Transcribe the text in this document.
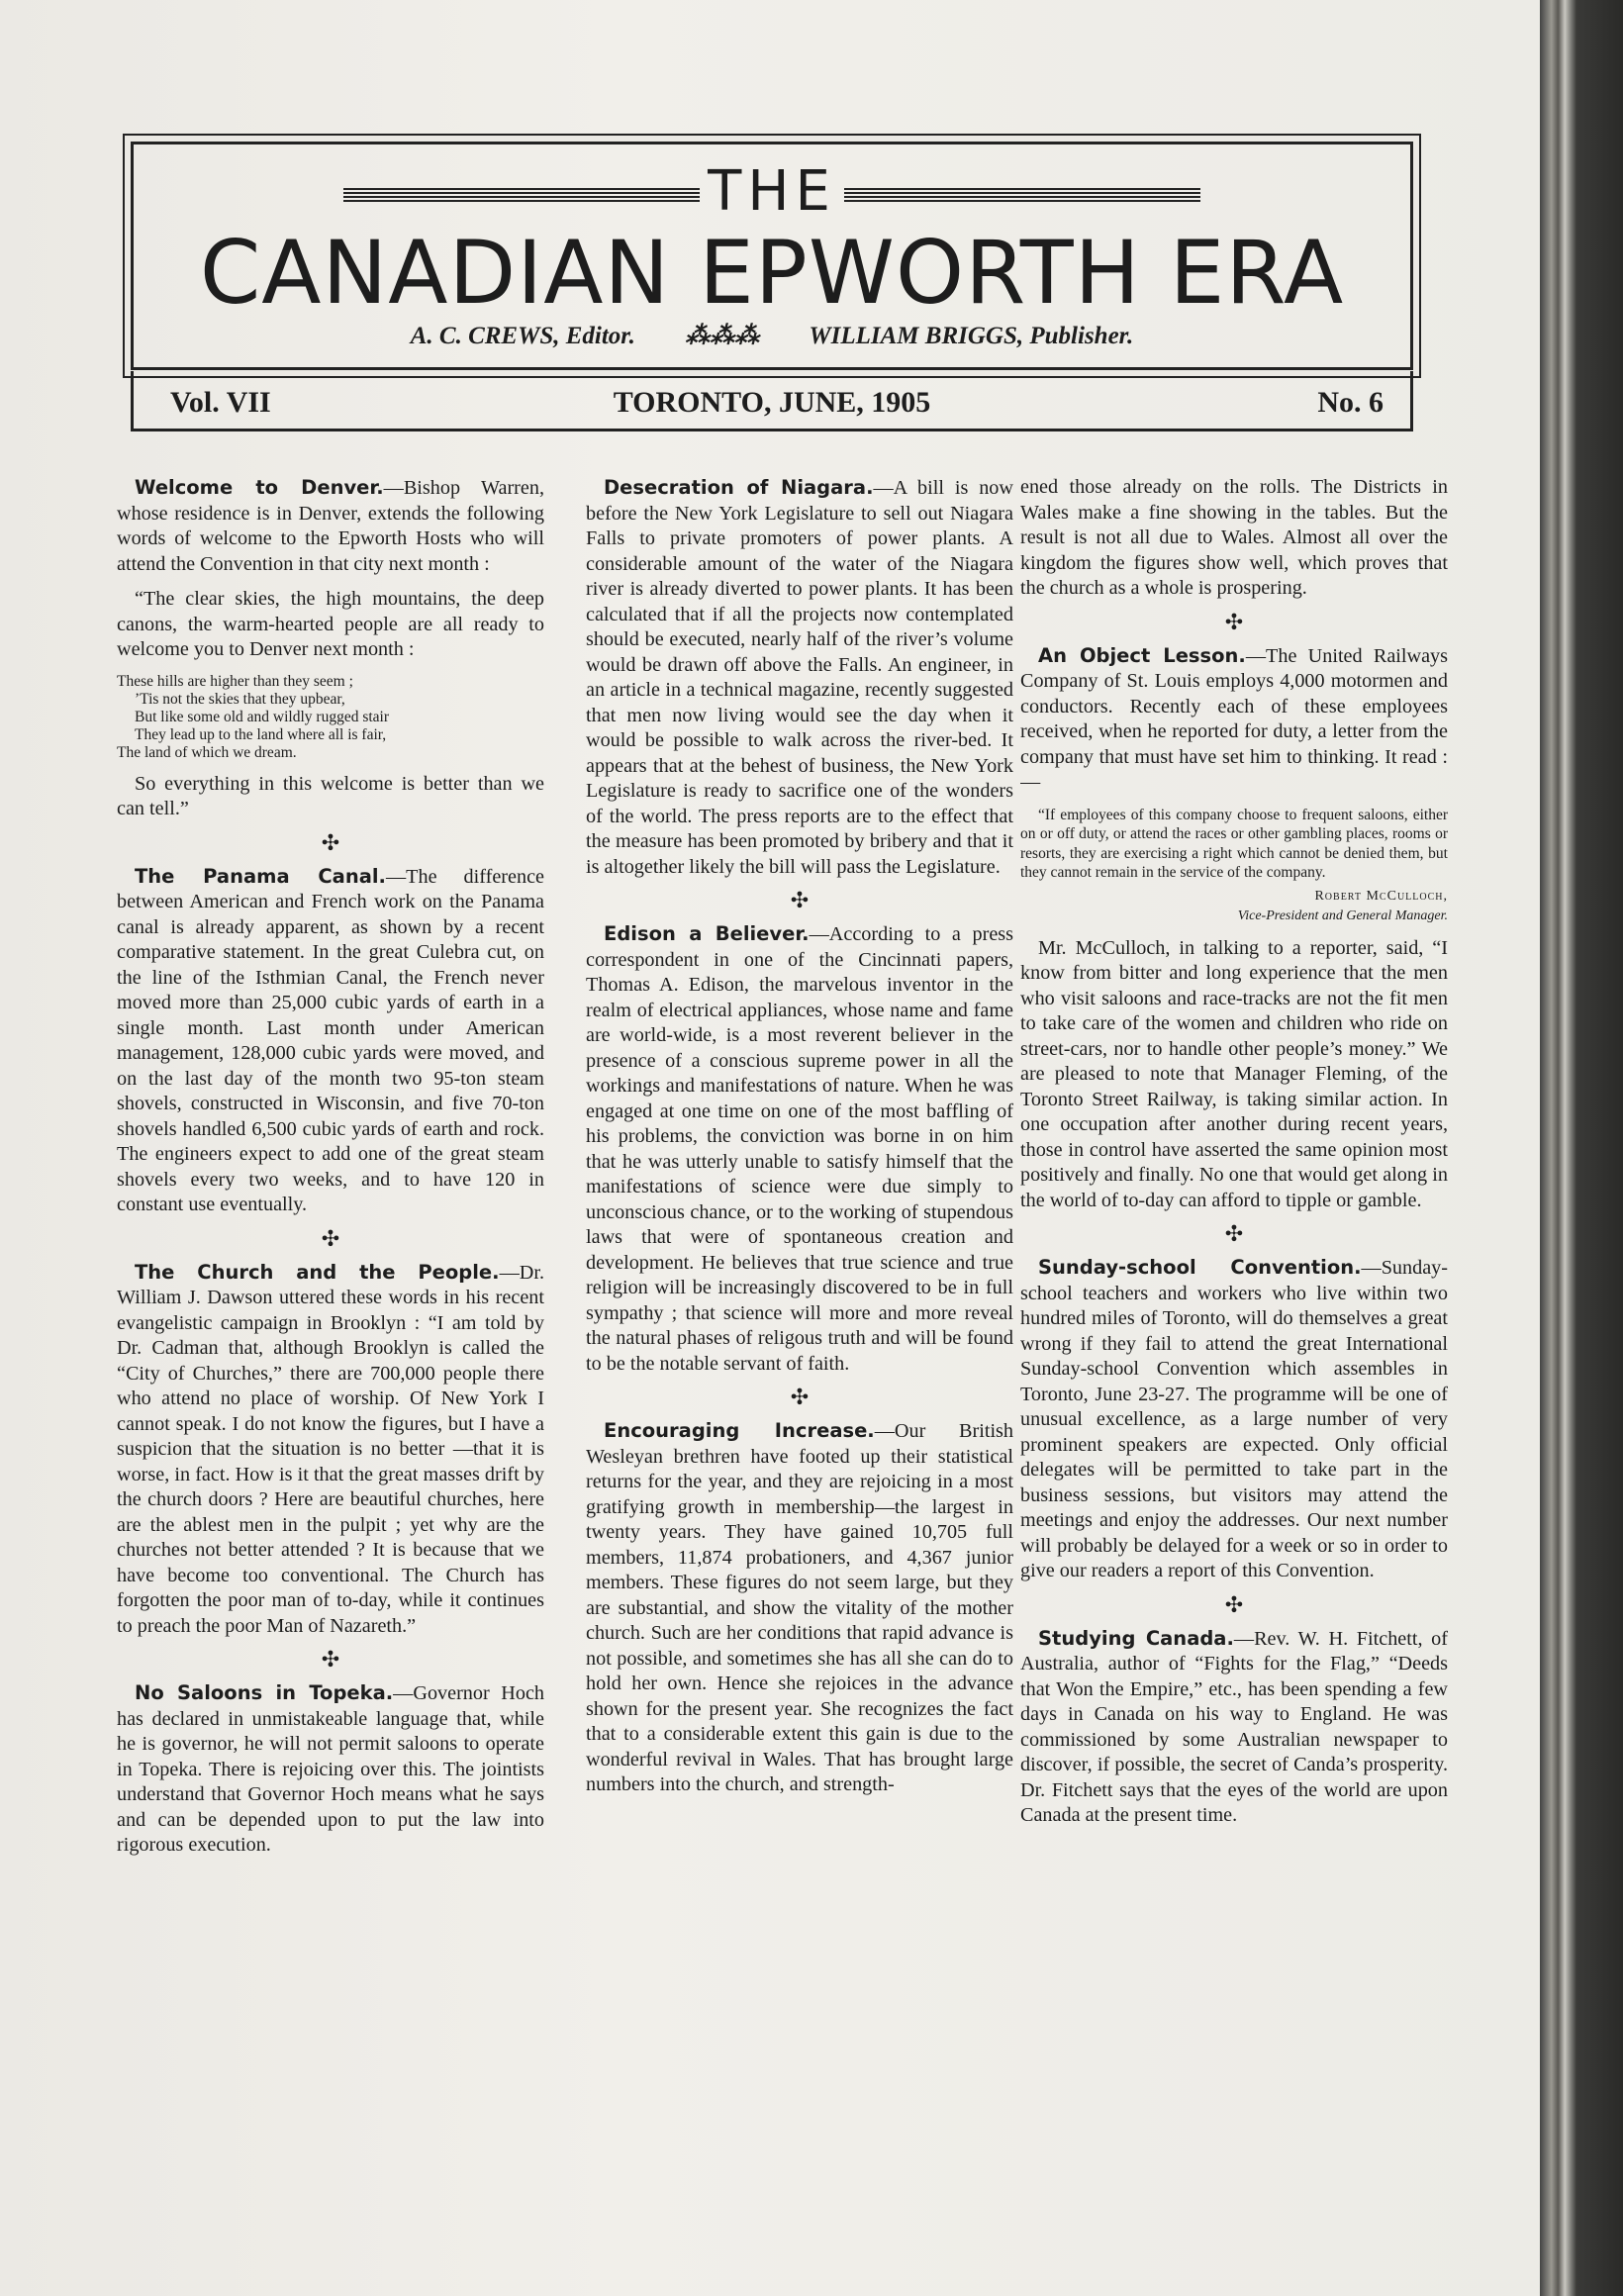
THE
CANADIAN EPWORTH ERA
A. C. CREWS, Editor. ⁂⁂⁂ WILLIAM BRIGGS, Publisher.
Vol. VII	TORONTO, JUNE, 1905	No. 6

Welcome to Denver.—Bishop Warren, whose residence is in Denver, extends the following words of welcome to the Epworth Hosts who will attend the Convention in that city next month :

“The clear skies, the high mountains, the deep canons, the warm-hearted people are all ready to welcome you to Denver next month :

These hills are higher than they seem ;
’Tis not the skies that they upbear,
But like some old and wildly rugged stair
They lead up to the land where all is fair,
The land of which we dream.

So everything in this welcome is better than we can tell.”

✣

The Panama Canal.—The difference between American and French work on the Panama canal is already apparent, as shown by a recent comparative statement. In the great Culebra cut, on the line of the Isthmian Canal, the French never moved more than 25,000 cubic yards of earth in a single month. Last month under American management, 128,000 cubic yards were moved, and on the last day of the month two 95-ton steam shovels, constructed in Wisconsin, and five 70-ton shovels handled 6,500 cubic yards of earth and rock. The engineers expect to add one of the great steam shovels every two weeks, and to have 120 in constant use eventually.

✣

The Church and the People.—Dr. William J. Dawson uttered these words in his recent evangelistic campaign in Brooklyn : “I am told by Dr. Cadman that, although Brooklyn is called the “City of Churches,” there are 700,000 people there who attend no place of worship. Of New York I cannot speak. I do not know the figures, but I have a suspicion that the situation is no better —that it is worse, in fact. How is it that the great masses drift by the church doors ? Here are beautiful churches, here are the ablest men in the pulpit ; yet why are the churches not better attended ? It is because that we have become too conventional. The Church has forgotten the poor man of to-day, while it continues to preach the poor Man of Nazareth.”

✣

No Saloons in Topeka.—Governor Hoch has declared in unmistakeable language that, while he is governor, he will not permit saloons to operate in Topeka. There is rejoicing over this. The jointists understand that Governor Hoch means what he says and can be depended upon to put the law into rigorous execution.

Desecration of Niagara.—A bill is now before the New York Legislature to sell out Niagara Falls to private promoters of power plants. A considerable amount of the water of the Niagara river is already diverted to power plants. It has been calculated that if all the projects now contemplated should be executed, nearly half of the river’s volume would be drawn off above the Falls. An engineer, in an article in a technical magazine, recently suggested that men now living would see the day when it would be possible to walk across the river-bed. It appears that at the behest of business, the New York Legislature is ready to sacrifice one of the wonders of the world. The press reports are to the effect that the measure has been promoted by bribery and that it is altogether likely the bill will pass the Legislature.

✣

Edison a Believer.—According to a press correspondent in one of the Cincinnati papers, Thomas A. Edison, the marvelous inventor in the realm of electrical appliances, whose name and fame are world-wide, is a most reverent believer in the presence of a conscious supreme power in all the workings and manifestations of nature. When he was engaged at one time on one of the most baffling of his problems, the conviction was borne in on him that he was utterly unable to satisfy himself that the manifestations of science were due simply to unconscious chance, or to the working of stupendous laws that were of spontaneous creation and development. He believes that true science and true religion will be increasingly discovered to be in full sympathy ; that science will more and more reveal the natural phases of religous truth and will be found to be the notable servant of faith.

✣

Encouraging Increase.—Our British Wesleyan brethren have footed up their statistical returns for the year, and they are rejoicing in a most gratifying growth in membership—the largest in twenty years. They have gained 10,705 full members, 11,874 probationers, and 4,367 junior members. These figures do not seem large, but they are substantial, and show the vitality of the mother church. Such are her conditions that rapid advance is not possible, and sometimes she has all she can do to hold her own. Hence she rejoices in the advance shown for the present year. She recognizes the fact that to a considerable extent this gain is due to the wonderful revival in Wales. That has brought large numbers into the church, and strength-

ened those already on the rolls. The Districts in Wales make a fine showing in the tables. But the result is not all due to Wales. Almost all over the kingdom the figures show well, which proves that the church as a whole is prospering.

✣

An Object Lesson.—The United Railways Company of St. Louis employs 4,000 motormen and conductors. Recently each of these employees received, when he reported for duty, a letter from the company that must have set him to thinking. It read :—

“If employees of this company choose to frequent saloons, either on or off duty, or attend the races or other gambling places, rooms or resorts, they are exercising a right which cannot be denied them, but they cannot remain in the service of the company.

Robert McCulloch,
Vice-President and General Manager.

Mr. McCulloch, in talking to a reporter, said, “I know from bitter and long experience that the men who visit saloons and race-tracks are not the fit men to take care of the women and children who ride on street-cars, nor to handle other people’s money.” We are pleased to note that Manager Fleming, of the Toronto Street Railway, is taking similar action. In one occupation after another during recent years, those in control have asserted the same opinion most positively and finally. No one that would get along in the world of to-day can afford to tipple or gamble.

✣

Sunday-school Convention.—Sunday-school teachers and workers who live within two hundred miles of Toronto, will do themselves a great wrong if they fail to attend the great International Sunday-school Convention which assembles in Toronto, June 23-27. The programme will be one of unusual excellence, as a large number of very prominent speakers are expected. Only official delegates will be permitted to take part in the business sessions, but visitors may attend the meetings and enjoy the addresses. Our next number will probably be delayed for a week or so in order to give our readers a report of this Convention.

✣

Studying Canada.—Rev. W. H. Fitchett, of Australia, author of “Fights for the Flag,” “Deeds that Won the Empire,” etc., has been spending a few days in Canada on his way to England. He was commissioned by some Australian newspaper to discover, if possible, the secret of Canda’s prosperity. Dr. Fitchett says that the eyes of the world are upon Canada at the present time.
